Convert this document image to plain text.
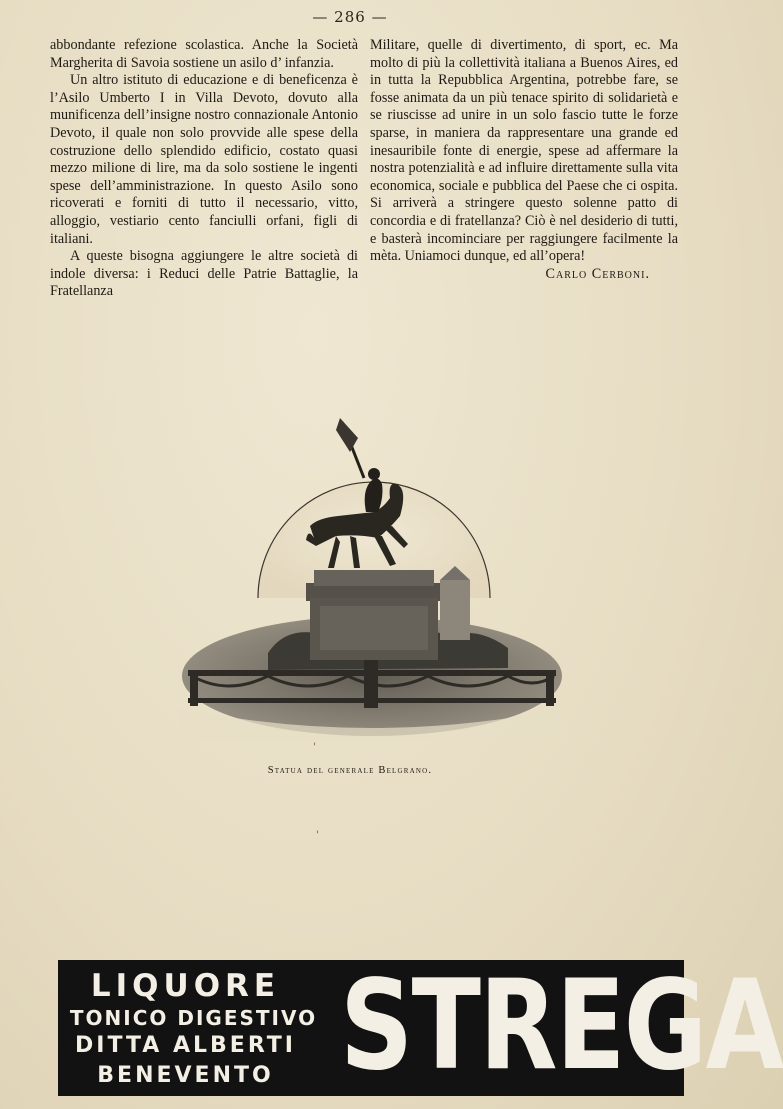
— 286 —

abbondante refezione scolastica. Anche la Società Margherita di Savoia sostiene un asilo d’ infanzia.

Un altro istituto di educazione e di beneficenza è l’Asilo Umberto I in Villa Devoto, dovuto alla munificenza dell’insigne nostro connazionale Antonio Devoto, il quale non solo provvide alle spese della costruzione dello splendido edificio, costato quasi mezzo milione di lire, ma da solo sostiene le ingenti spese dell’amministrazione. In questo Asilo sono ricoverati e forniti di tutto il necessario, vitto, alloggio, vestiario cento fanciulli orfani, figli di italiani.

A queste bisogna aggiungere le altre società di indole diversa: i Reduci delle Patrie Battaglie, la Fratellanza

Militare, quelle di divertimento, di sport, ec. Ma molto di più la collettività italiana a Buenos Aires, ed in tutta la Repubblica Argentina, potrebbe fare, se fosse animata da un più tenace spirito di solidarietà e se riuscisse ad unire in un solo fascio tutte le forze sparse, in maniera da rappresentare una grande ed inesauribile fonte di energie, spese ad affermare la nostra potenzialità e ad influire direttamente sulla vita economica, sociale e pubblica del Paese che ci ospita. Si arriverà a stringere questo solenne patto di concordia e di fratellanza? Ciò è nel desiderio di tutti, e basterà incominciare per raggiungere facilmente la mèta. Uniamoci dunque, ed all’opera!

Carlo Cerboni.

Statua del generale Belgrano.
'
'
LIQUORE
TONICO DIGESTIVO
DITTA ALBERTI
BENEVENTO STREGA
